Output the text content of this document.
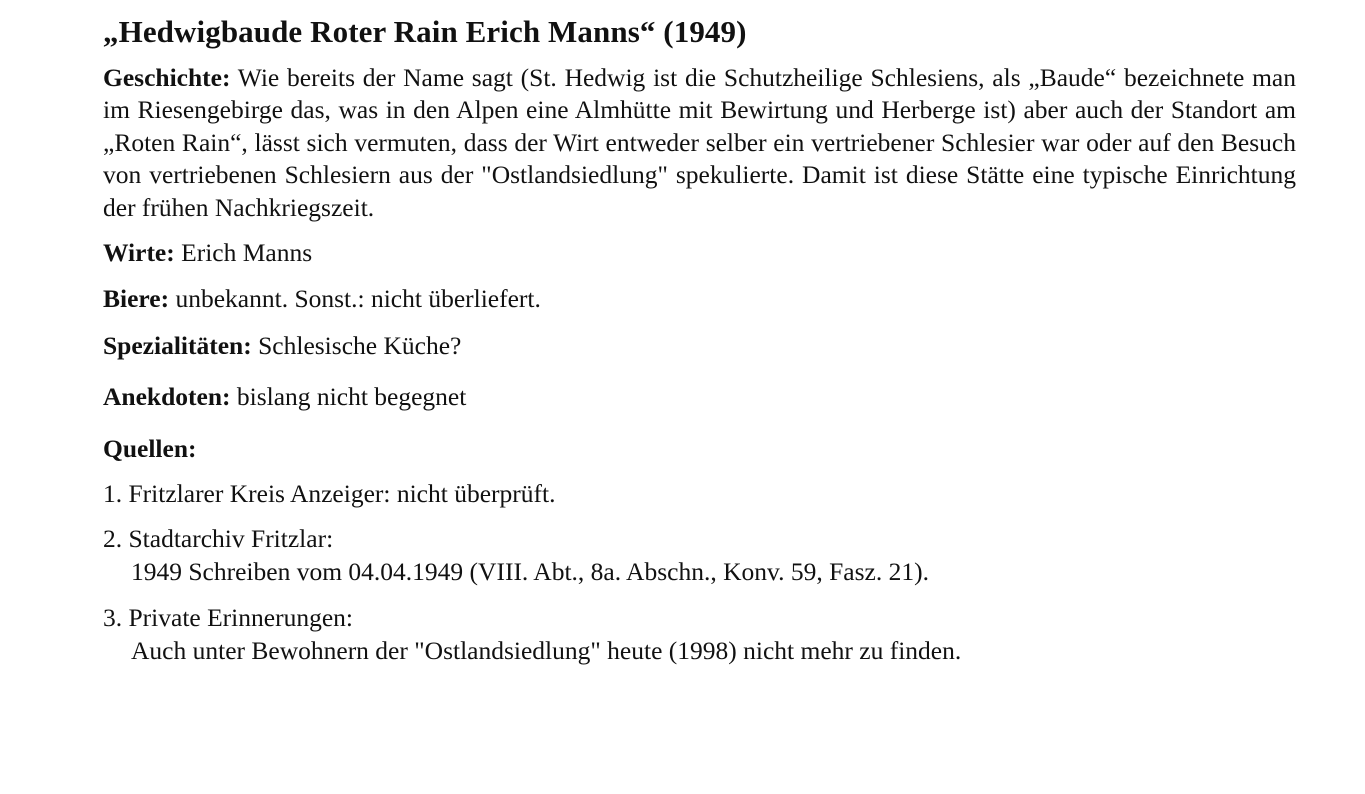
„Hedwigbaude Roter Rain Erich Manns“ (1949)

Geschichte: Wie bereits der Name sagt (St. Hedwig ist die Schutzheilige Schlesiens, als „Baude“ bezeichnete man im Riesengebirge das, was in den Alpen eine Almhütte mit Bewirtung und Herberge ist) aber auch der Standort am „Roten Rain“, lässt sich vermuten, dass der Wirt entweder selber ein vertriebener Schlesier war oder auf den Besuch von vertriebenen Schlesiern aus der "Ostlandsiedlung" spekulierte. Damit ist diese Stätte eine typische Einrichtung der frühen Nachkriegszeit.

Wirte: Erich Manns

Biere: unbekannt. Sonst.: nicht überliefert.

Spezialitäten: Schlesische Küche?

Anekdoten: bislang nicht begegnet

Quellen:

1. Fritzlarer Kreis Anzeiger: nicht überprüft.

2. Stadtarchiv Fritzlar:
1949 Schreiben vom 04.04.1949 (VIII. Abt., 8a. Abschn., Konv. 59, Fasz. 21).

3. Private Erinnerungen:
Auch unter Bewohnern der "Ostlandsiedlung" heute (1998) nicht mehr zu finden.
